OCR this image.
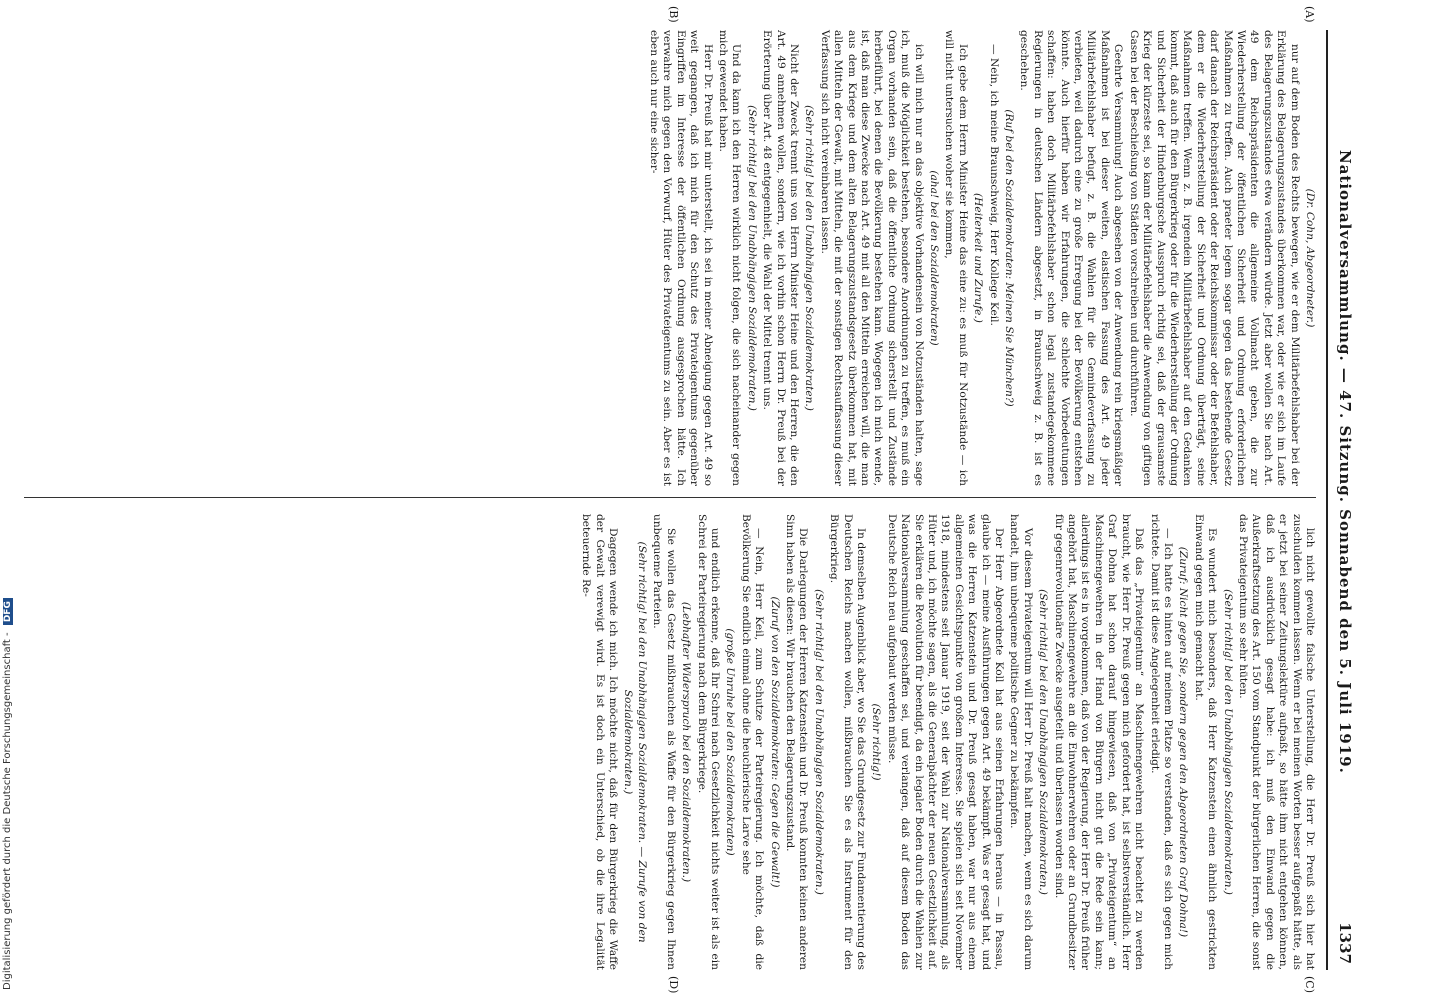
Nationalversammlung. — 47. Sitzung. Sonnabend den 5. Juli 1919.
1337
(A)
(B)
(C)
(D)

(Dr. Cohn, Abgeordneter.)

nur auf dem Boden des Rechts bewegen, wie er dem Militärbefehlshaber bei der Erklärung des Belagerungszustandes überkommen war, oder wie er sich im Laufe des Belagerungszustandes etwa verändern würde. Jetzt aber wollen Sie nach Art. 49 dem Reichspräsidenten die allgemeine Vollmacht geben, die zur Wiederherstellung der öffentlichen Sicherheit und Ordnung erforderlichen Maßnahmen zu treffen. Auch praeter legem sogar gegen das bestehende Gesetz darf danach der Reichspräsident oder der Reichskommissar oder der Befehlshaber, dem er die Wiederherstellung der Sicherheit und Ordnung überträgt, seine Maßnahmen treffen. Wenn z. B. irgendein Militärbefehlshaber auf den Gedanken kommt, daß auch für den Bürgerkrieg oder für die Wiederherstellung der Ordnung und Sicherheit der Hindenburgsche Ausspruch richtig sei, daß der grausamste Krieg der kürzeste sei, so kann der Militärbefehlshaber die Anwendung von giftigen Gasen bei der Beschießung von Städten vorschreiben und durchführen.

Geehrte Versammlung! Auch abgesehen von der Anwendung rein kriegsmäßiger Maßnahmen ist bei dieser weiten, elastischen Fassung des Art. 49 jeder Militärbefehlshaber befugt, z. B. die Wahlen für die Gemindeverfassung zu verbieten, weil dadurch eine zu große Erregung bei der Bevölkerung entstehen könnte. Auch hierfür haben wir Erfahrungen, die schlechte Vorbedeutungen schaffen: haben doch Militärbefehlshaber schon legal zustandegekommene Regierungen in deutschen Ländern abgesetzt, in Braunschweig z. B. ist es geschehen.

(Ruf bei den Sozialdemokraten: Meinen Sie München?)

— Nein, ich meine Braunschweig, Herr Kollege Keil.

(Heiterkeit und Zurufe.)

Ich gebe dem Herrn Minister Heine das eine zu: es muß für Notzustände — ich will nicht untersuchen woher sie kommen,

(aha! bei den Sozialdemokraten)

ich will mich nur an das objektive Vorhandensein von Notzuständen halten, sage ich, muß die Möglichkeit bestehen, besondere Anordnungen zu treffen, es muß ein Organ vorhanden sein, daß die öffentliche Ordnung sicherstellt und Zustände herbeiführt, bei denen die Bevölkerung bestehen kann. Wogegen ich mich wende, ist, daß man diese Zwecke nach Art. 49 mit all den Mitteln erreichen will, die man aus dem Kriege und dem alten Belagerungszustandsgesetz überkommen hat, mit allen Mitteln der Gewalt, mit Mitteln, die mit der sonstigen Rechtsauffassung dieser Verfassung sich nicht vereinbaren lassen.

(Sehr richtig! bei den Unabhängigen Sozialdemokraten.)

Nicht der Zweck trennt uns von Herrn Minister Heine und den Herren, die den Art. 49 annehmen wollen, sondern, wie ich vorhin schon Herrn Dr. Preuß bei der Erörterung über Art. 48 entgegenhielt, die Wahl der Mittel trennt uns.

(Sehr richtig! bei den Unabhängigen Sozialdemokraten.)

Und da kann ich den Herren wirklich nicht folgen, die sich nacheinander gegen mich gewendet haben.

Herr Dr. Preuß hat mir unterstellt, ich sei in meiner Abneigung gegen Art. 49 so weit gegangen, daß ich mich für den Schutz des Privateigentums gegenüber Eingriffen im Interesse der öffentlichen Ordnung ausgesprochen hätte. Ich verwahre mich gegen den Vorwurf, Hüter des Privateigentums zu sein. Aber es ist eben auch nur eine sicher-

lich nicht gewollte falsche Unterstellung, die Herr Dr. Preuß sich hier hat zuschulden kommen lassen. Wenn er bei meinen Worten besser aufgepaßt hätte, als er jetzt bei seiner Zeitungslektüre aufpaßt, so hätte ihm nicht entgehen können, daß ich ausdrücklich gesagt habe: ich muß den Einwand gegen die Außerkraftsetzung des Art. 150 vom Standpunkt der bürgerlichen Herren, die sonst das Privateigentum so sehr hüten.

(Sehr richtig! bei den Unabhängigen Sozialdemokraten.)

Es wundert mich besonders, daß Herr Katzenstein einen ähnlich gestrickten Einwand gegen mich gemacht hat.

(Zuruf: Nicht gegen Sie, sondern gegen den Abgeordneten Graf Dohna!)

— Ich hatte es hinten auf meinem Platze so verstanden, daß es sich gegen mich richtete. Damit ist diese Angelegenheit erledigt.

Daß das „Privateigentum“ an Maschinengewehren nicht beachtet zu werden braucht, wie Herr Dr. Preuß gegen mich gefordert hat, ist selbstverständlich. Herr Graf Dohna hat schon darauf hingewiesen, daß von „Privateigentum“ an Maschinengewehren in der Hand von Bürgern nicht gut die Rede sein kann; allerdings ist es in vorgekommen, daß von der Regierung, der Herr Dr. Preuß früher angehört hat, Maschinengewehre an die Einwohnerwehren oder an Grundbesitzer für gegenrevolutionäre Zwecke ausgeteilt und überlassen worden sind.

(Sehr richtig! bei den Unabhängigen Sozialdemokraten.)

Vor diesem Privateigentum will Herr Dr. Preuß halt machen, wenn es sich darum handelt, ihm unbequeme politische Gegner zu bekämpfen.

Der Herr Abgeordnete Koll hat aus seinen Erfahrungen heraus — in Passau, glaube ich — meine Ausführungen gegen Art. 49 bekämpft. Was er gesagt hat, und was die Herren Katzenstein und Dr. Preuß gesagt haben, war nur aus einem allgemeinen Gesichtspunkte von großem Interesse. Sie spielen sich seit November 1918, mindestens seit Januar 1919, seit der Wahl zur Nationalversammlung, als Hüter und, ich möchte sagen, als die Generalpächter der neuen Gesetzlichkeit auf. Sie erklären die Revolution für beendigt, da ein legaler Boden durch die Wahlen zur Nationalversammlung geschaffen sei, und verlangen, daß auf diesem Boden das Deutsche Reich neu aufgebaut werden müsse.

(Sehr richtig!)

In demselben Augenblick aber, wo Sie das Grundgesetz zur Fundamentierung des Deutschen Reichs machen wollen, mißbrauchen Sie es als Instrument für den Bürgerkrieg.

(Sehr richtig! bei den Unabhängigen Sozialdemokraten.)

Die Darlegungen der Herren Katzenstein und Dr. Preuß konnten keinen anderen Sinn haben als diesen: Wir brauchen den Belagerungszustand.

(Zuruf von den Sozialdemokraten: Gegen die Gewalt!)

— Nein, Herr Keil, zum Schutze der Parteiregierung. Ich möchte, daß die Bevölkerung Sie endlich einmal ohne die heuchlerische Larve sehe

(große Unruhe bei den Sozialdemokraten)

und endlich erkenne, daß Ihr Schrei nach Gesetzlichkeit nichts weiter ist als ein Schrei der Parteiregierung nach dem Bürgerkriege.

(Lebhafter Widerspruch bei den Sozialdemokraten.)

Sie wollen das Gesetz mißbrauchen als Waffe für den Bürgerkrieg gegen Ihnen unbequeme Parteien.

(Sehr richtig! bei den Unabhängigen Sozialdemokraten. — Zurufe von den Sozialdemokraten.)

Dagegen wende ich mich. Ich möchte nicht, daß für den Bürgerkrieg die Waffe der Gewalt verewigt wird. Es ist doch ein Unterschied, ob die ihre Legalität beteuernde Re-

Digitalisierung gefördert durch die Deutsche Forschungsgemeinschaft - DFG
